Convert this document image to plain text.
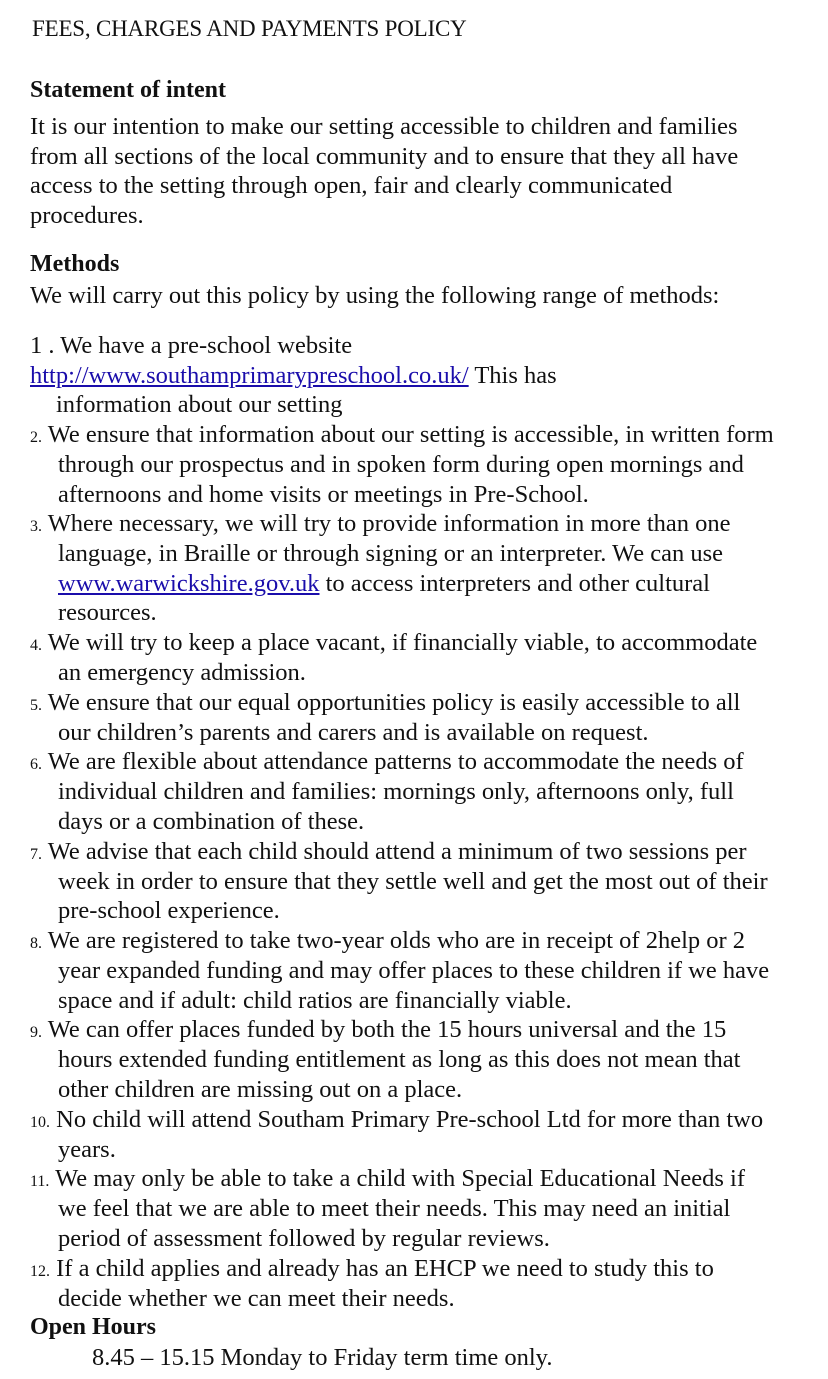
FEES, CHARGES AND PAYMENTS POLICY
Statement of intent
It is our intention to make our setting accessible to children and families
from all sections of the local community and to ensure that they all have
access to the setting through open, fair and clearly communicated
procedures.
Methods
We will carry out this policy by using the following range of methods:
1 . We have a pre-school website
http://www.southamprimarypreschool.co.uk/ This has
information about our setting
2. We ensure that information about our setting is accessible, in written form
through our prospectus and in spoken form during open mornings and
afternoons and home visits or meetings in Pre-School.
3. Where necessary, we will try to provide information in more than one
language, in Braille or through signing or an interpreter. We can use
www.warwickshire.gov.uk to access interpreters and other cultural
resources.
4. We will try to keep a place vacant, if financially viable, to accommodate
an emergency admission.
5. We ensure that our equal opportunities policy is easily accessible to all
our children’s parents and carers and is available on request.
6. We are flexible about attendance patterns to accommodate the needs of
individual children and families: mornings only, afternoons only, full
days or a combination of these.
7. We advise that each child should attend a minimum of two sessions per
week in order to ensure that they settle well and get the most out of their
pre-school experience.
8. We are registered to take two-year olds who are in receipt of 2help or 2
year expanded funding and may offer places to these children if we have
space and if adult: child ratios are financially viable.
9. We can offer places funded by both the 15 hours universal and the 15
hours extended funding entitlement as long as this does not mean that
other children are missing out on a place.
10. No child will attend Southam Primary Pre-school Ltd for more than two
years.
11. We may only be able to take a child with Special Educational Needs if
we feel that we are able to meet their needs. This may need an initial
period of assessment followed by regular reviews.
12. If a child applies and already has an EHCP we need to study this to
decide whether we can meet their needs.
Open Hours
8.45 – 15.15 Monday to Friday term time only.
